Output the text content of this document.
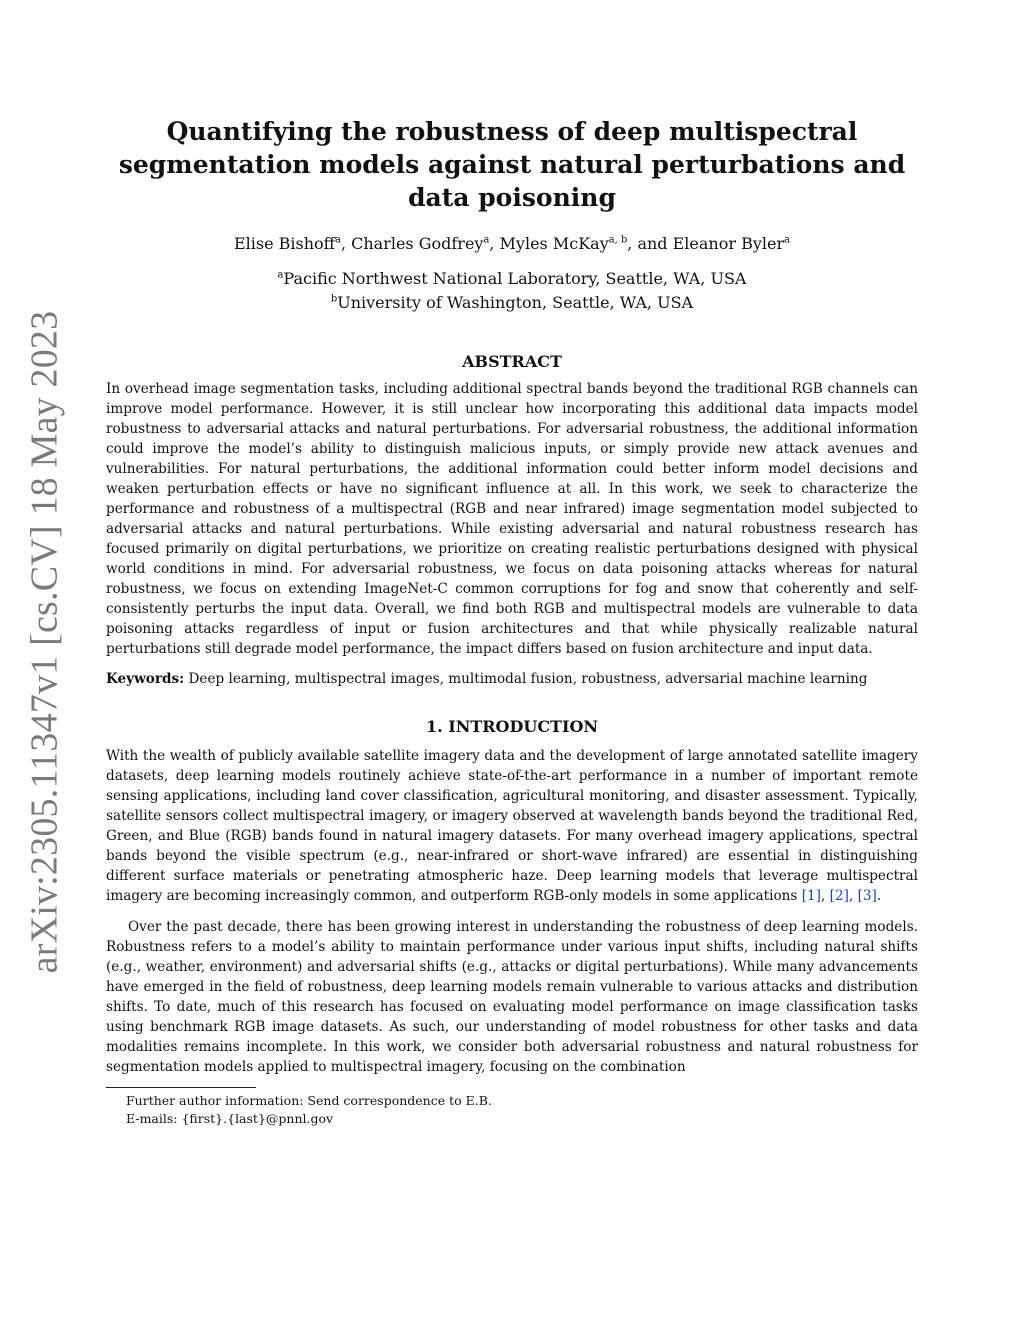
arXiv:2305.11347v1 [cs.CV] 18 May 2023
Quantifying the robustness of deep multispectral segmentation models against natural perturbations and data poisoning
Elise Bishoff$^a$, Charles Godfrey$^a$, Myles McKay$^{a, b}$, and Eleanor Byler$^a$
$^a$Pacific Northwest National Laboratory, Seattle, WA, USA
$^b$University of Washington, Seattle, WA, USA
ABSTRACT

In overhead image segmentation tasks, including additional spectral bands beyond the traditional RGB channels can improve model performance. However, it is still unclear how incorporating this additional data impacts model robustness to adversarial attacks and natural perturbations. For adversarial robustness, the additional information could improve the model’s ability to distinguish malicious inputs, or simply provide new attack avenues and vulnerabilities. For natural perturbations, the additional information could better inform model decisions and weaken perturbation effects or have no significant influence at all. In this work, we seek to characterize the performance and robustness of a multispectral (RGB and near infrared) image segmentation model subjected to adversarial attacks and natural perturbations. While existing adversarial and natural robustness research has focused primarily on digital perturbations, we prioritize on creating realistic perturbations designed with physical world conditions in mind. For adversarial robustness, we focus on data poisoning attacks whereas for natural robustness, we focus on extending ImageNet-C common corruptions for fog and snow that coherently and self-consistently perturbs the input data. Overall, we find both RGB and multispectral models are vulnerable to data poisoning attacks regardless of input or fusion architectures and that while physically realizable natural perturbations still degrade model performance, the impact differs based on fusion architecture and input data.

Keywords: Deep learning, multispectral images, multimodal fusion, robustness, adversarial machine learning

1. INTRODUCTION

With the wealth of publicly available satellite imagery data and the development of large annotated satellite imagery datasets, deep learning models routinely achieve state-of-the-art performance in a number of important remote sensing applications, including land cover classification, agricultural monitoring, and disaster assessment. Typically, satellite sensors collect multispectral imagery, or imagery observed at wavelength bands beyond the traditional Red, Green, and Blue (RGB) bands found in natural imagery datasets. For many overhead imagery applications, spectral bands beyond the visible spectrum (e.g., near-infrared or short-wave infrared) are essential in distinguishing different surface materials or penetrating atmospheric haze. Deep learning models that leverage multispectral imagery are becoming increasingly common, and outperform RGB-only models in some applications [1], [2], [3].

Over the past decade, there has been growing interest in understanding the robustness of deep learning models. Robustness refers to a model’s ability to maintain performance under various input shifts, including natural shifts (e.g., weather, environment) and adversarial shifts (e.g., attacks or digital perturbations). While many advancements have emerged in the field of robustness, deep learning models remain vulnerable to various attacks and distribution shifts. To date, much of this research has focused on evaluating model performance on image classification tasks using benchmark RGB image datasets. As such, our understanding of model robustness for other tasks and data modalities remains incomplete. In this work, we consider both adversarial robustness and natural robustness for segmentation models applied to multispectral imagery, focusing on the combination

Further author information: Send correspondence to E.B.
E-mails: {first}.{last}@pnnl.gov
